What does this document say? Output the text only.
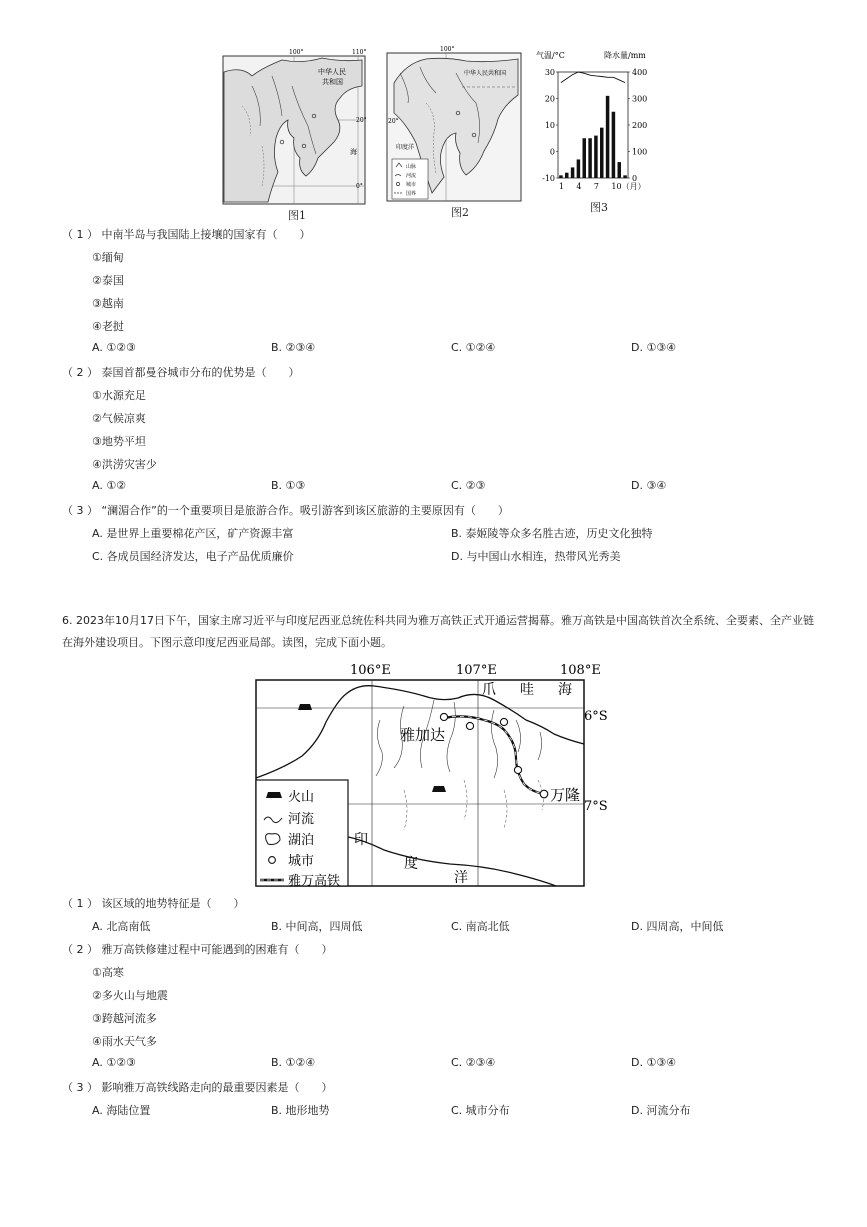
100°	110°
20°
0°
中华人民
共和国
海
图1
100°
20°
中华人民共和国
印度洋
山脉
河流
城市
国界
图2
气温/°C	降水量/mm
30
20
10
0
-10
400
300
200
100
0
1 4 7 10（月）
图3
（ 1 ） 中南半岛与我国陆上接壤的国家有（　　）
①缅甸
②泰国
③越南
④老挝
A. ①②③	B. ②③④	C. ①②④	D. ①③④
（ 2 ） 泰国首都曼谷城市分布的优势是（　　）
①水源充足
②气候凉爽
③地势平坦
④洪涝灾害少
A. ①②	B. ①③	C. ②③	D. ③④
（ 3 ） “澜湄合作”的一个重要项目是旅游合作。吸引游客到该区旅游的主要原因有（　　）
A. 是世界上重要棉花产区，矿产资源丰富	B. 泰姬陵等众多名胜古迹，历史文化独特
C. 各成员国经济发达，电子产品优质廉价	D. 与中国山水相连，热带风光秀美
6. 2023年10月17日下午，国家主席习近平与印度尼西亚总统佐科共同为雅万高铁正式开通运营揭幕。雅万高铁是中国高铁首次全系统、全要素、全产业链在海外建设项目。下图示意印度尼西亚局部。读图，完成下面小题。
106°E	107°E	108°E
6°S
7°S
爪 哇 海
雅加达
万隆
印
度
洋
火山
河流
湖泊
城市
雅万高铁
（ 1 ） 该区域的地势特征是（　　）
A. 北高南低	B. 中间高，四周低	C. 南高北低	D. 四周高，中间低
（ 2 ） 雅万高铁修建过程中可能遇到的困难有（　　）
①高寒
②多火山与地震
③跨越河流多
④雨水天气多
A. ①②③	B. ①②④	C. ②③④	D. ①③④
（ 3 ） 影响雅万高铁线路走向的最重要因素是（　　）
A. 海陆位置	B. 地形地势	C. 城市分布	D. 河流分布
